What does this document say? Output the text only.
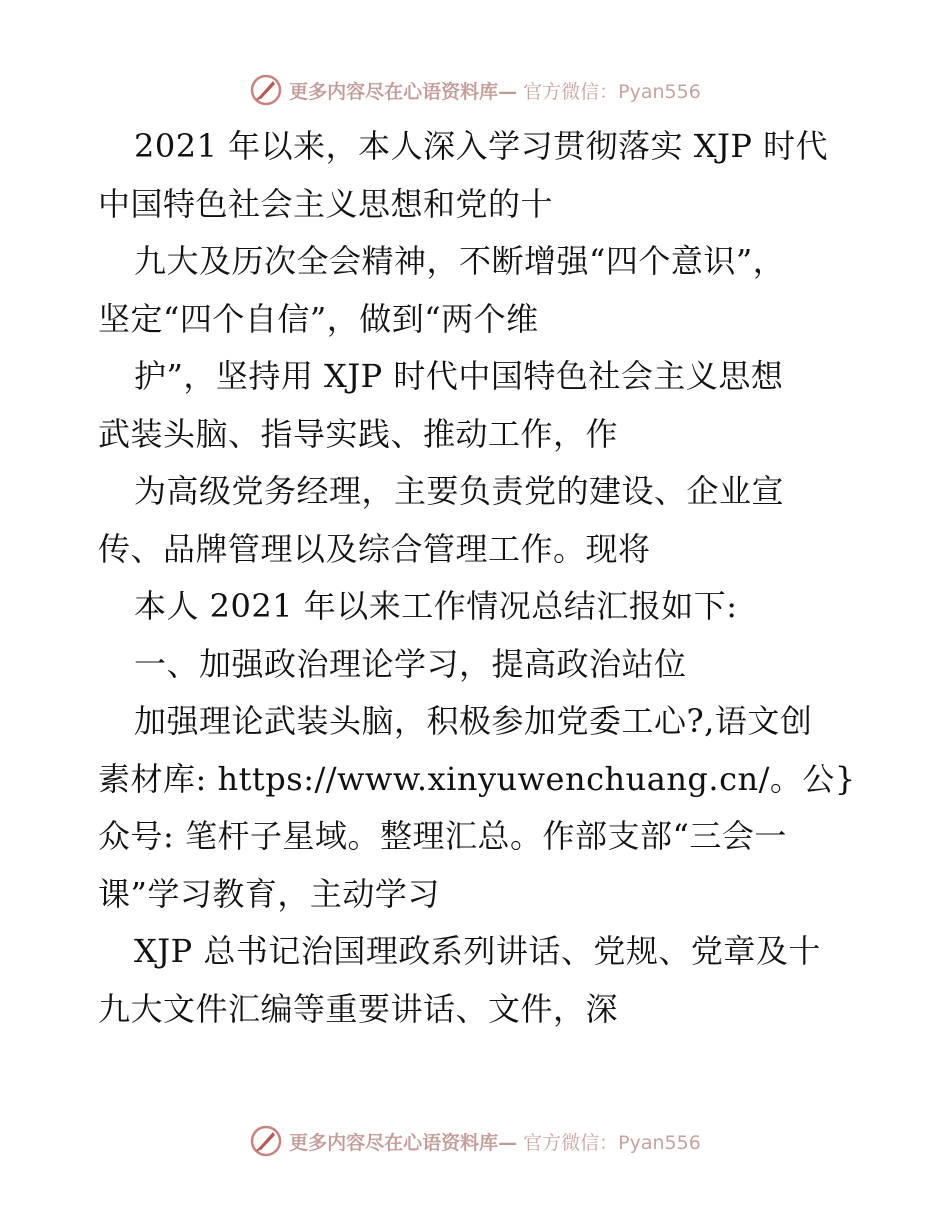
更多内容尽在心语资料库— 官方微信：Pyan556
2021 年以来，本人深入学习贯彻落实 XJP 时代
中国特色社会主义思想和党的十
九大及历次全会精神，不断增强“四个意识”，
坚定“四个自信”，做到“两个维
护”，坚持用 XJP 时代中国特色社会主义思想
武装头脑、指导实践、推动工作，作
为高级党务经理，主要负责党的建设、企业宣
传、品牌管理以及综合管理工作。现将
本人 2021 年以来工作情况总结汇报如下:
一、加强政治理论学习，提高政治站位
加强理论武装头脑，积极参加党委工心?,语文创
素材库: https://www.xinyuwenchuang.cn/。公}
众号: 笔杆子星域。整理汇总。作部支部“三会一
课”学习教育，主动学习
XJP 总书记治国理政系列讲话、党规、党章及十
九大文件汇编等重要讲话、文件，深
更多内容尽在心语资料库— 官方微信：Pyan556
